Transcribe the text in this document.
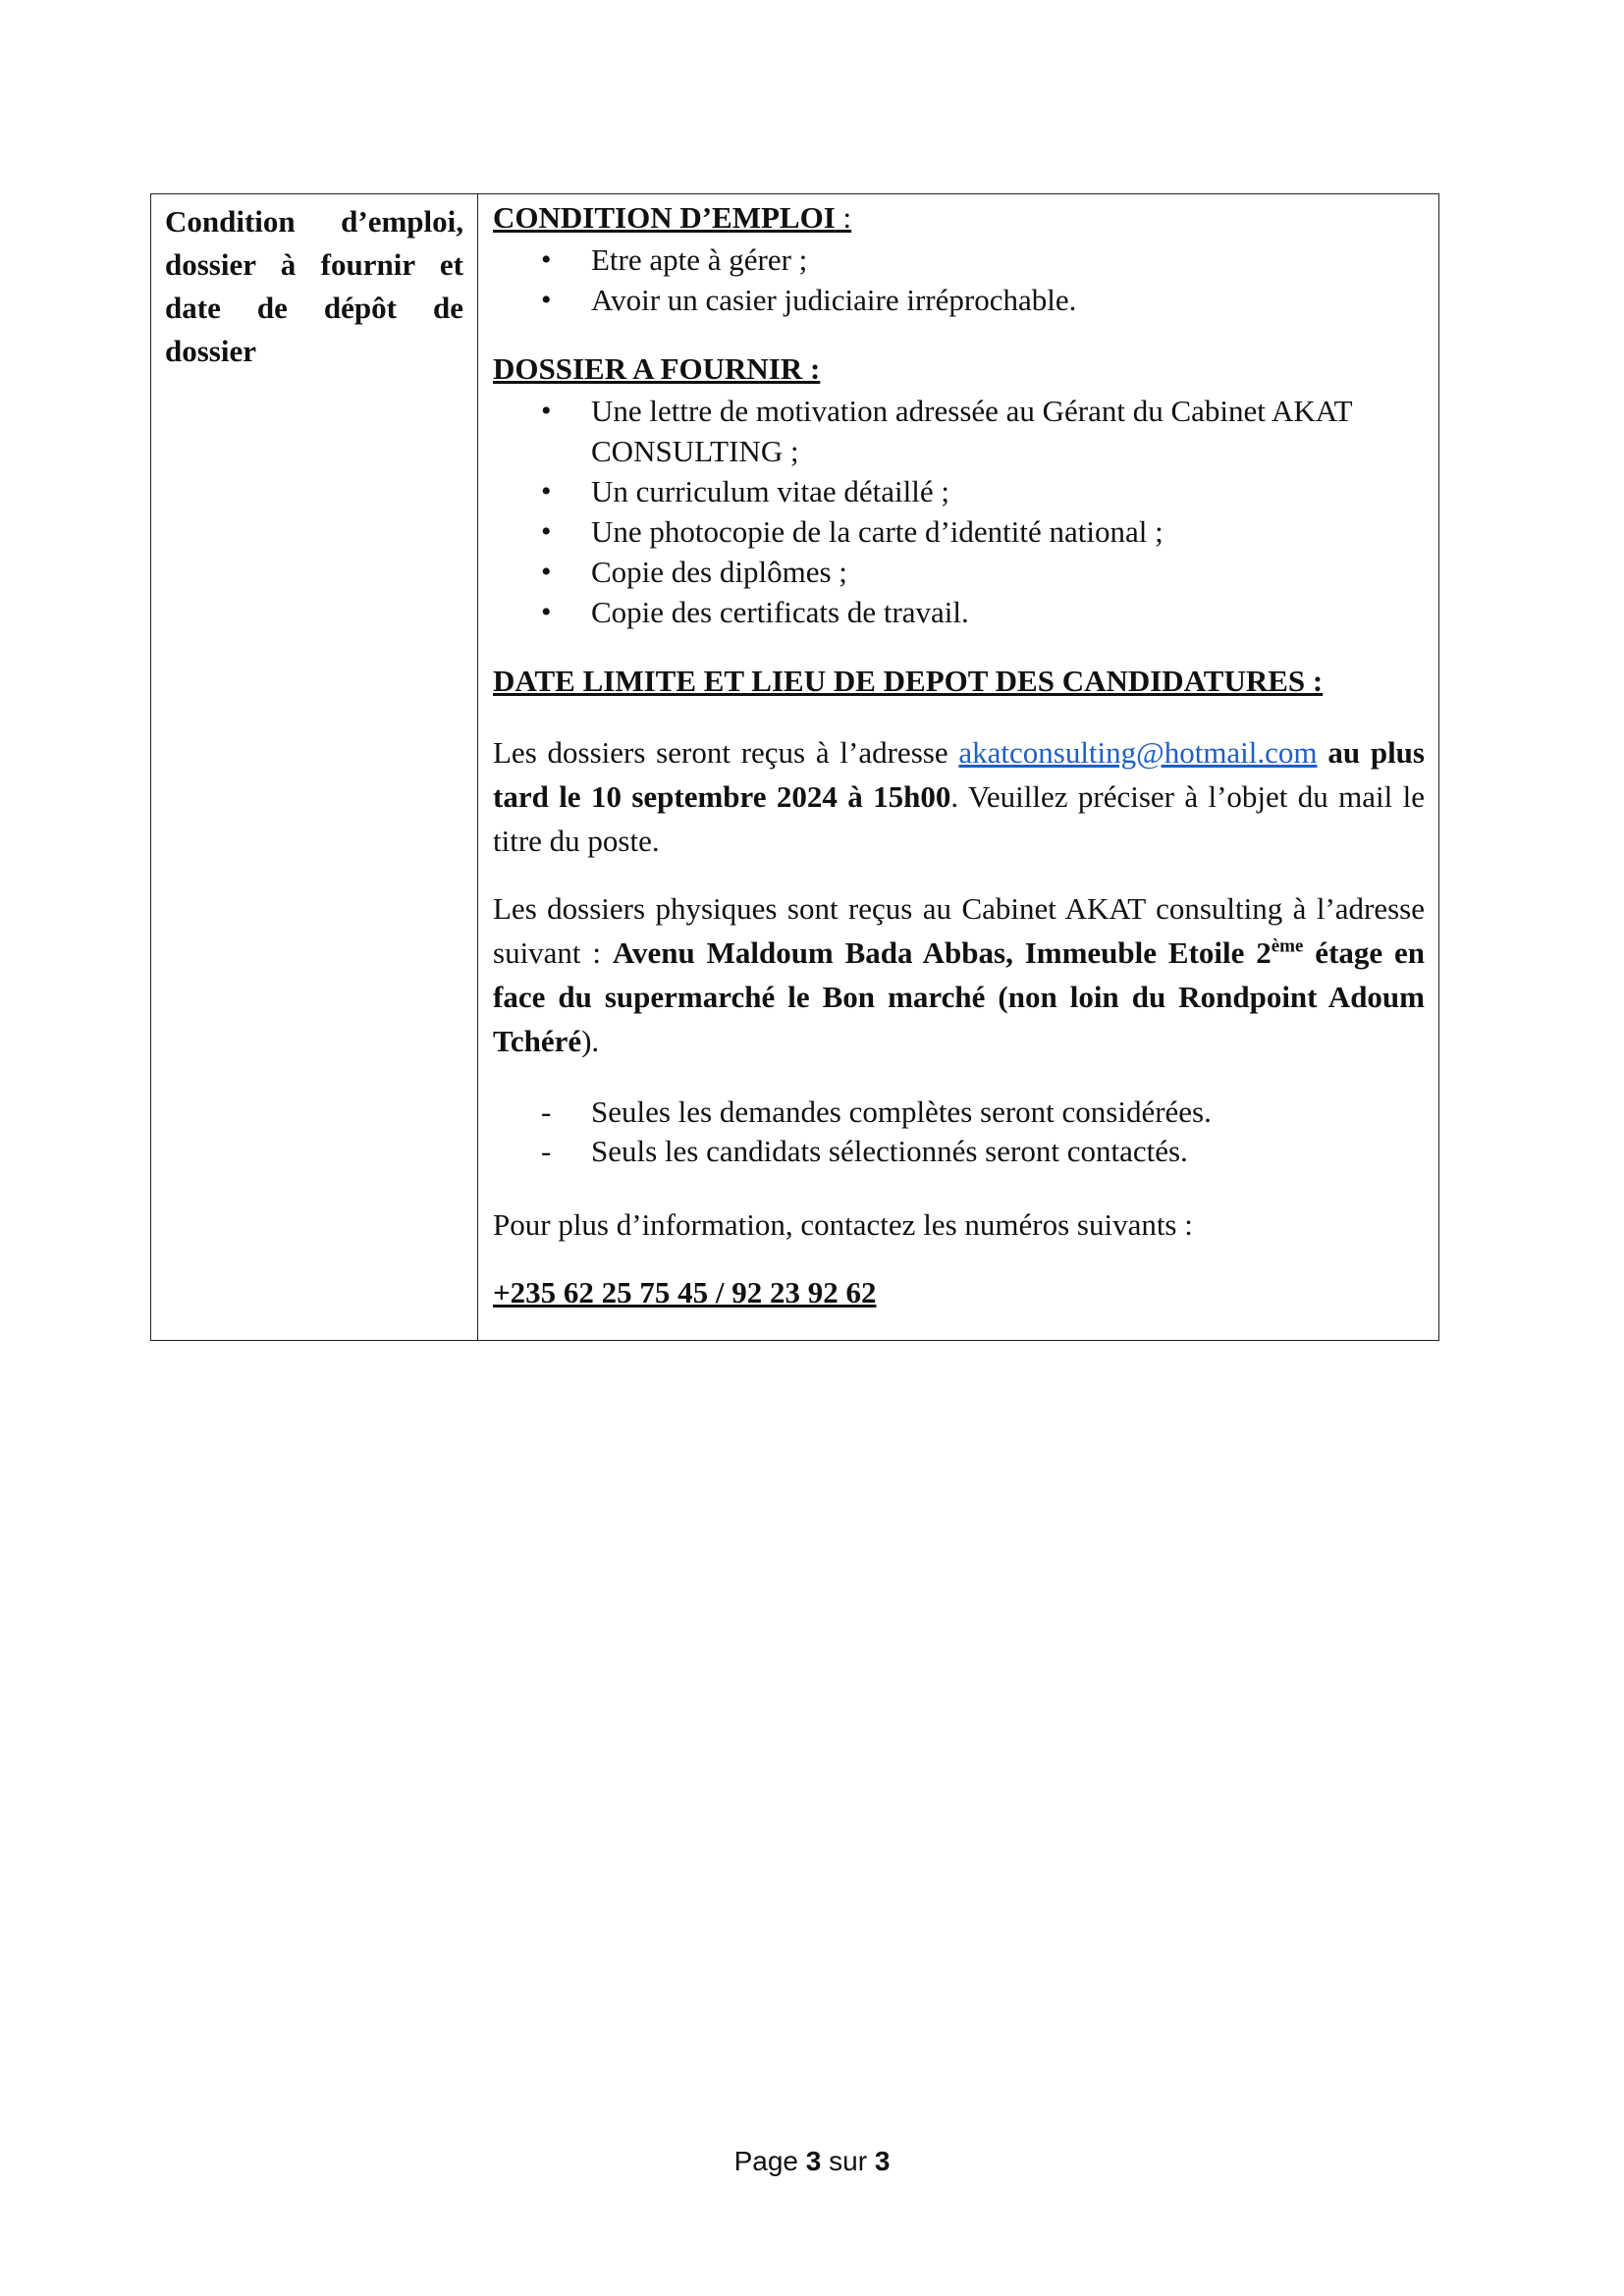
Condition d’emploi, dossier à fournir et date de dépôt de dossier	

CONDITION D’EMPLOI :

• Etre apte à gérer ;
• Avoir un casier judiciaire irréprochable.

DOSSIER A FOURNIR :

• Une lettre de motivation adressée au Gérant du Cabinet AKAT CONSULTING ;
• Un curriculum vitae détaillé ;
• Une photocopie de la carte d’identité national ;
• Copie des diplômes ;
• Copie des certificats de travail.

DATE LIMITE ET LIEU DE DEPOT DES CANDIDATURES :

Les dossiers seront reçus à l’adresse akatconsulting@hotmail.com au plus tard le 10 septembre 2024 à 15h00. Veuillez préciser à l’objet du mail le titre du poste.

Les dossiers physiques sont reçus au Cabinet AKAT consulting à l’adresse suivant : Avenu Maldoum Bada Abbas, Immeuble Etoile 2ème étage en face du supermarché le Bon marché (non loin du Rondpoint Adoum Tchéré).

- Seules les demandes complètes seront considérées.
- Seuls les candidats sélectionnés seront contactés.

Pour plus d’information, contactez les numéros suivants :

+235 62 25 75 45 / 92 23 92 62

Page 3 sur 3
